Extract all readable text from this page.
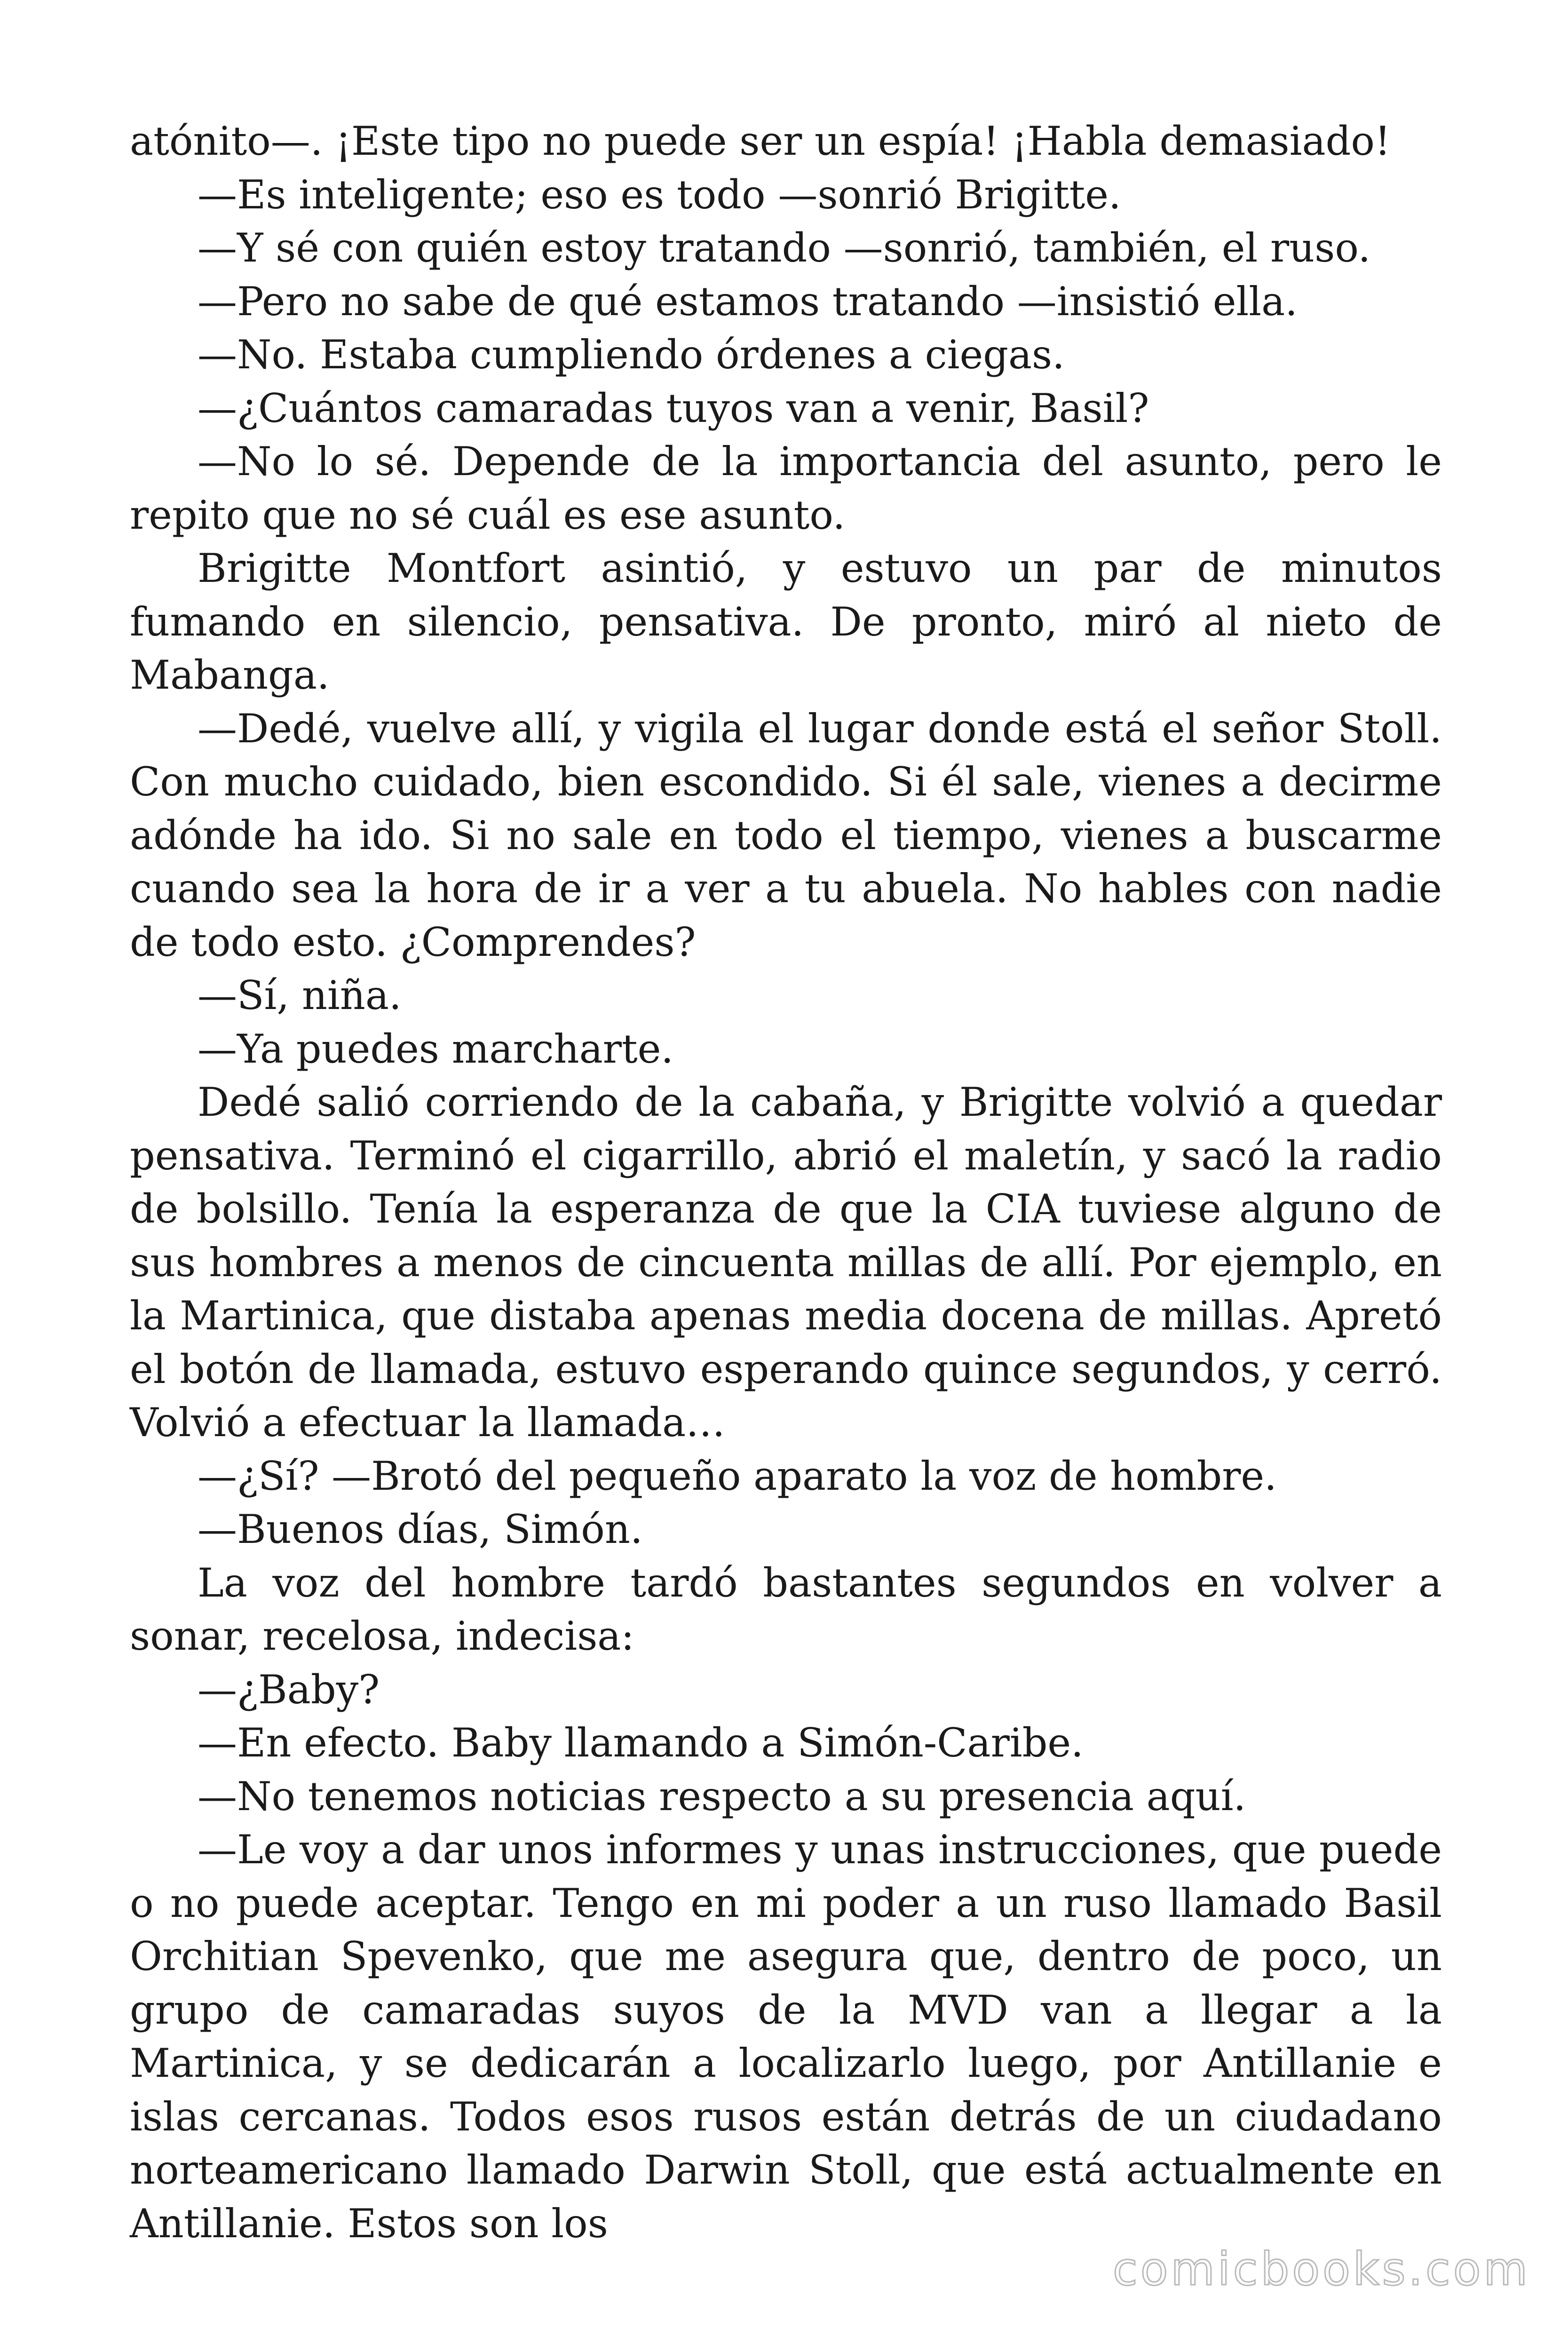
atónito—. ¡Este tipo no puede ser un espía! ¡Habla demasiado!

—Es inteligente; eso es todo —sonrió Brigitte.

—Y sé con quién estoy tratando —sonrió, también, el ruso.

—Pero no sabe de qué estamos tratando —insistió ella.

—No. Estaba cumpliendo órdenes a ciegas.

—¿Cuántos camaradas tuyos van a venir, Basil?

—No lo sé. Depende de la importancia del asunto, pero le repito que no sé cuál es ese asunto.

Brigitte Montfort asintió, y estuvo un par de minutos fumando en silencio, pensativa. De pronto, miró al nieto de Mabanga.

—Dedé, vuelve allí, y vigila el lugar donde está el señor Stoll. Con mucho cuidado, bien escondido. Si él sale, vienes a decirme adónde ha ido. Si no sale en todo el tiempo, vienes a buscarme cuando sea la hora de ir a ver a tu abuela. No hables con nadie de todo esto. ¿Comprendes?

—Sí, niña.

—Ya puedes marcharte.

Dedé salió corriendo de la cabaña, y Brigitte volvió a quedar pensativa. Terminó el cigarrillo, abrió el maletín, y sacó la radio de bolsillo. Tenía la esperanza de que la CIA tuviese alguno de sus hombres a menos de cincuenta millas de allí. Por ejemplo, en la Martinica, que distaba apenas media docena de millas. Apretó el botón de llamada, estuvo esperando quince segundos, y cerró. Volvió a efectuar la llamada…

—¿Sí? —Brotó del pequeño aparato la voz de hombre.

—Buenos días, Simón.

La voz del hombre tardó bastantes segundos en volver a sonar, recelosa, indecisa:

—¿Baby?

—En efecto. Baby llamando a Simón-Caribe.

—No tenemos noticias respecto a su presencia aquí.

—Le voy a dar unos informes y unas instrucciones, que puede o no puede aceptar. Tengo en mi poder a un ruso llamado Basil Orchitian Spevenko, que me asegura que, dentro de poco, un grupo de camaradas suyos de la MVD van a llegar a la Martinica, y se dedicarán a localizarlo luego, por Antillanie e islas cercanas. Todos esos rusos están detrás de un ciudadano norteamericano llamado Darwin Stoll, que está actualmente en Antillanie. Estos son los

comicbooks.com
